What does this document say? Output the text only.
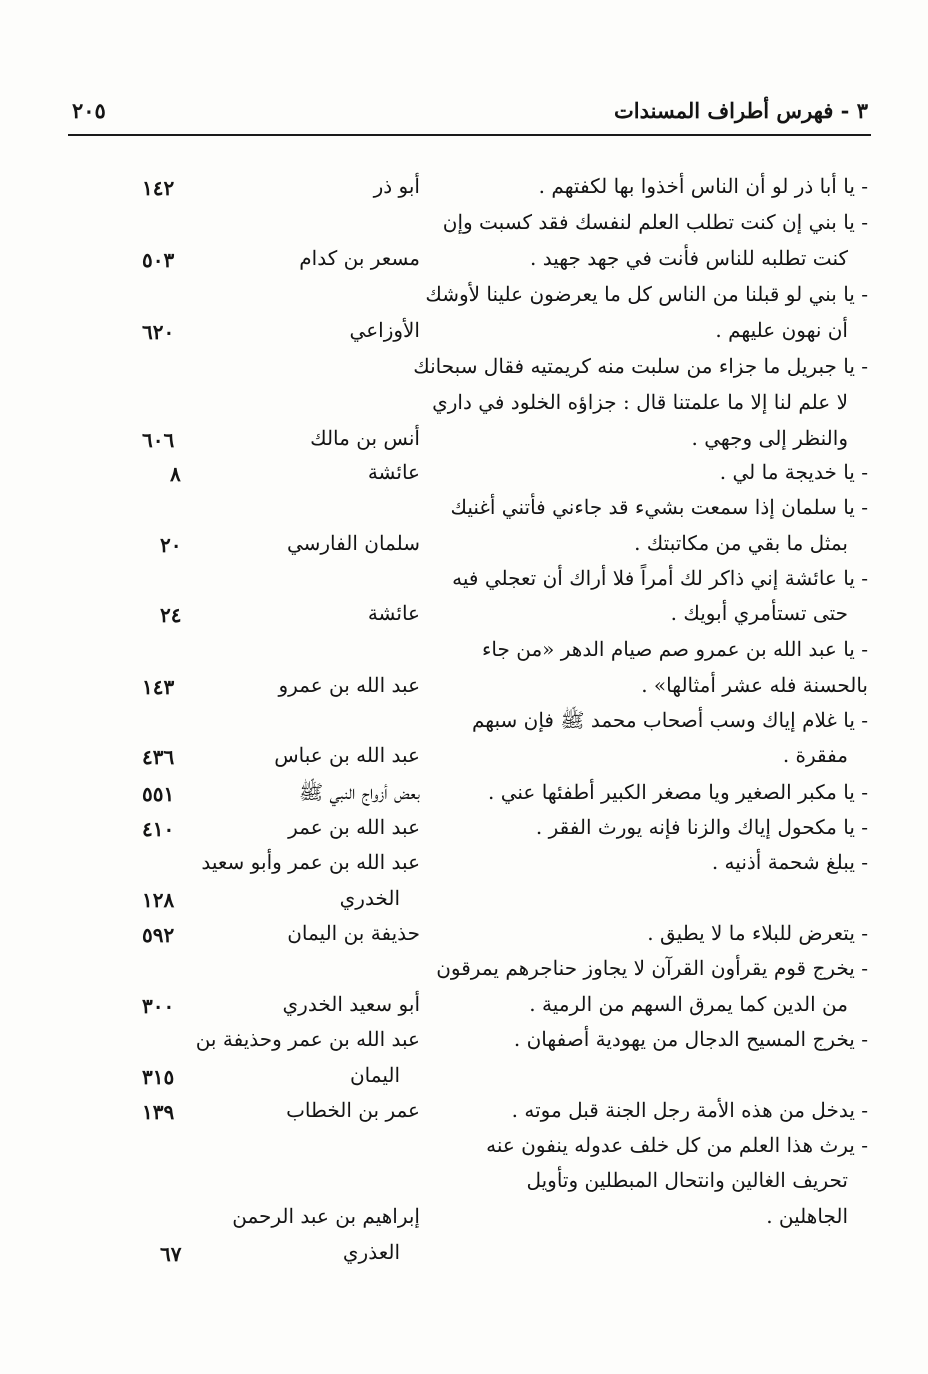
٣ - فهرس أطراف المسندات
٢٠٥
- يا أبا ذر لو أن الناس أخذوا بها لكفتهم .
- يا بني إن كنت تطلب العلم لنفسك فقد كسبت وإن
كنت تطلبه للناس فأنت في جهد جهيد .
- يا بني لو قبلنا من الناس كل ما يعرضون علينا لأوشك
أن نهون عليهم .
- يا جبريل ما جزاء من سلبت منه كريمتيه فقال سبحانك
لا علم لنا إلا ما علمتنا قال : جزاؤه الخلود في داري
والنظر إلى وجهي .
- يا خديجة ما لي .
- يا سلمان إذا سمعت بشيء قد جاءني فأتني أغنيك
بمثل ما بقي من مكاتبتك .
- يا عائشة إني ذاكر لك أمراً فلا أراك أن تعجلي فيه
حتى تستأمري أبويك .
- يا عبد الله بن عمرو صم صيام الدهر «من جاء
بالحسنة فله عشر أمثالها» .
- يا غلام إياك وسب أصحاب محمد ﷺ فإن سبهم
مفقرة .
- يا مكبر الصغير ويا مصغر الكبير أطفئها عني .
- يا مكحول إياك والزنا فإنه يورث الفقر .
- يبلغ شحمة أذنيه .
- يتعرض للبلاء ما لا يطيق .
- يخرج قوم يقرأون القرآن لا يجاوز حناجرهم يمرقون
من الدين كما يمرق السهم من الرمية .
- يخرج المسيح الدجال من يهودية أصفهان .
- يدخل من هذه الأمة رجل الجنة قبل موته .
- يرث هذا العلم من كل خلف عدوله ينفون عنه
تحريف الغالين وانتحال المبطلين وتأويل
الجاهلين .
أبو ذر
مسعر بن كدام
الأوزاعي
أنس بن مالك
عائشة
سلمان الفارسي
عائشة
عبد الله بن عمرو
عبد الله بن عباس
بعض أزواج النبي ﷺ
عبد الله بن عمر
عبد الله بن عمر وأبو سعيد
الخدري
حذيفة بن اليمان
أبو سعيد الخدري
عبد الله بن عمر وحذيفة بن
اليمان
عمر بن الخطاب
إبراهيم بن عبد الرحمن
العذري
١٤٢
٥٠٣
٦٢٠
٦٠٦
٨
٢٠
٢٤
١٤٣
٤٣٦
٥٥١
٤١٠
١٢٨
٥٩٢
٣٠٠
٣١٥
١٣٩
٦٧
